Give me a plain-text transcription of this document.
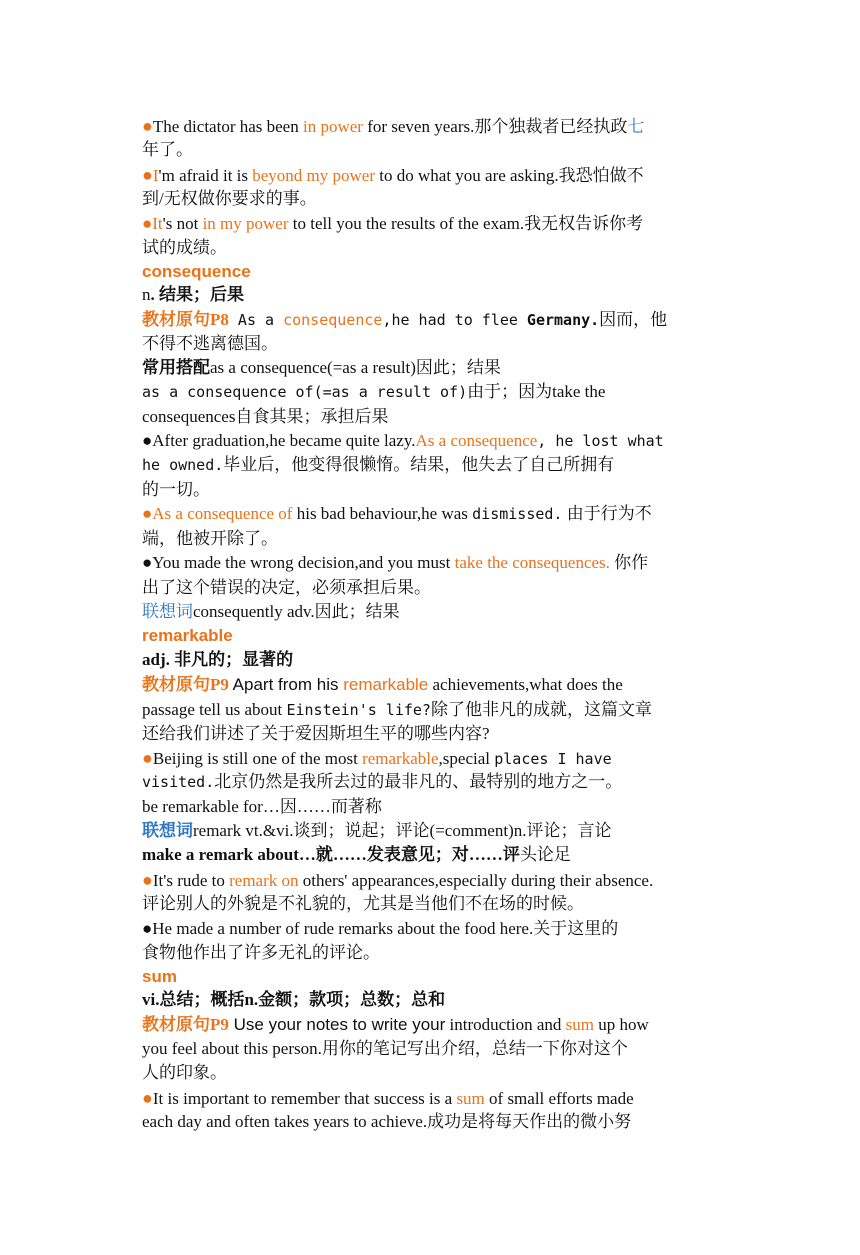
●The dictator has been in power for seven years.那个独裁者已经执政七
年了。
●I'm afraid it is beyond my power to do what you are asking.我恐怕做不
到/无权做你要求的事。
●It's not in my power to tell you the results of the exam.我无权告诉你考
试的成绩。
consequence
n. 结果；后果
教材原句P8 As a consequence,he had to flee Germany.因而，他
不得不逃离德国。
常用搭配as a consequence(=as a result)因此；结果
as a consequence of(=as a result of)由于；因为take the
consequences自食其果；承担后果
●After graduation,he became quite lazy.As a consequence, he lost what
he owned.毕业后，他变得很懒惰。结果，他失去了自己所拥有
的一切。
●As a consequence of his bad behaviour,he was dismissed. 由于行为不
端，他被开除了。
●You made the wrong decision,and you must take the consequences. 你作
出了这个错误的决定，必须承担后果。
联想词consequently adv.因此；结果
remarkable
adj. 非凡的；显著的
教材原句P9 Apart from his remarkable achievements,what does the
passage tell us about Einstein's life?除了他非凡的成就，这篇文章
还给我们讲述了关于爱因斯坦生平的哪些内容?
●Beijing is still one of the most remarkable,special places I have
visited.北京仍然是我所去过的最非凡的、最特别的地方之一。
be remarkable for…因……而著称
联想词remark vt.&vi.谈到；说起；评论(=comment)n.评论；言论
make a remark about…就……发表意见；对……评头论足
●It's rude to remark on others' appearances,especially during their absence.
评论别人的外貌是不礼貌的，尤其是当他们不在场的时候。
●He made a number of rude remarks about the food here.关于这里的
食物他作出了许多无礼的评论。
sum
vi.总结；概括n.金额；款项；总数；总和
教材原句P9 Use your notes to write your introduction and sum up how
you feel about this person.用你的笔记写出介绍，总结一下你对这个
人的印象。
●It is important to remember that success is a sum of small efforts made
each day and often takes years to achieve.成功是将每天作出的微小努
